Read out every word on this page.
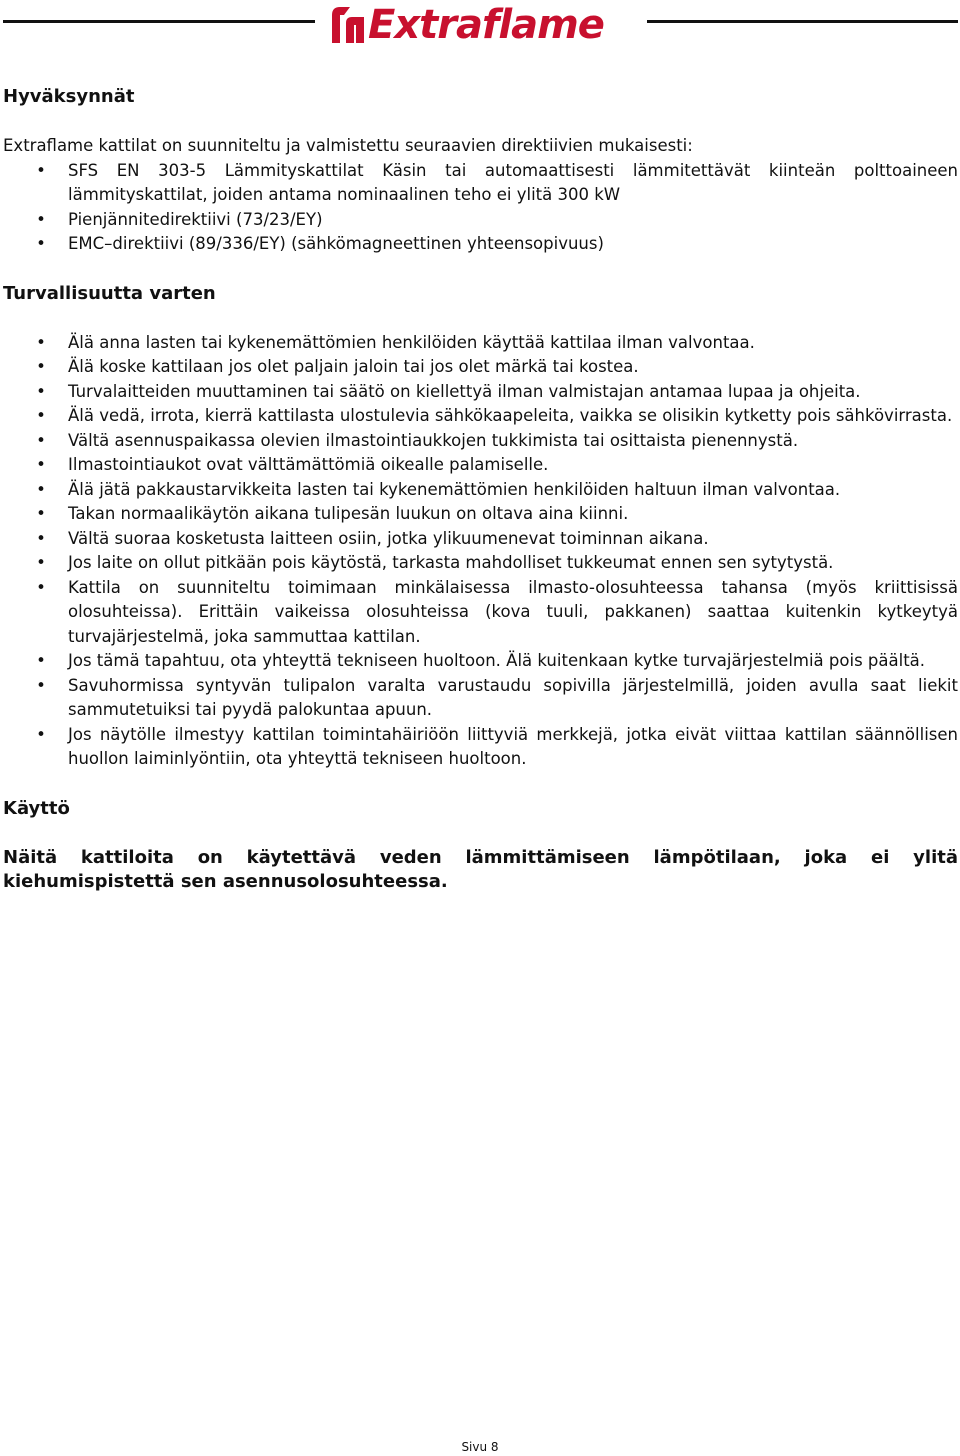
Extraflame
Hyväksynnät

Extraflame kattilat on suunniteltu ja valmistettu seuraavien direktiivien mukaisesti:

• SFS EN 303-5 Lämmityskattilat Käsin tai automaattisesti lämmitettävät kiinteän polttoaineen lämmityskattilat, joiden antama nominaalinen teho ei ylitä 300 kW
• Pienjännitedirektiivi (73/23/EY)
• EMC–direktiivi (89/336/EY) (sähkömagneettinen yhteensopivuus)
Turvallisuutta varten
• Älä anna lasten tai kykenemättömien henkilöiden käyttää kattilaa ilman valvontaa.
• Älä koske kattilaan jos olet paljain jaloin tai jos olet märkä tai kostea.
• Turvalaitteiden muuttaminen tai säätö on kiellettyä ilman valmistajan antamaa lupaa ja ohjeita.
• Älä vedä, irrota, kierrä kattilasta ulostulevia sähkökaapeleita, vaikka se olisikin kytketty pois sähkövirrasta.
• Vältä asennuspaikassa olevien ilmastointiaukkojen tukkimista tai osittaista pienennystä.
• Ilmastointiaukot ovat välttämättömiä oikealle palamiselle.
• Älä jätä pakkaustarvikkeita lasten tai kykenemättömien henkilöiden haltuun ilman valvontaa.
• Takan normaalikäytön aikana tulipesän luukun on oltava aina kiinni.
• Vältä suoraa kosketusta laitteen osiin, jotka ylikuumenevat toiminnan aikana.
• Jos laite on ollut pitkään pois käytöstä, tarkasta mahdolliset tukkeumat ennen sen sytytystä.
• Kattila on suunniteltu toimimaan minkälaisessa ilmasto-olosuhteessa tahansa (myös kriittisissä olosuhteissa). Erittäin vaikeissa olosuhteissa (kova tuuli, pakkanen) saattaa kuitenkin kytkeytyä turvajärjestelmä, joka sammuttaa kattilan.
• Jos tämä tapahtuu, ota yhteyttä tekniseen huoltoon. Älä kuitenkaan kytke turvajärjestelmiä pois päältä.
• Savuhormissa syntyvän tulipalon varalta varustaudu sopivilla järjestelmillä, joiden avulla saat liekit sammutetuiksi tai pyydä palokuntaa apuun.
• Jos näytölle ilmestyy kattilan toimintahäiriöön liittyviä merkkejä, jotka eivät viittaa kattilan säännöllisen huollon laiminlyöntiin, ota yhteyttä tekniseen huoltoon.
Käyttö

Näitä kattiloita on käytettävä veden lämmittämiseen lämpötilaan, joka ei ylitä kiehumispistettä sen asennusolosuhteessa.

Sivu 8
